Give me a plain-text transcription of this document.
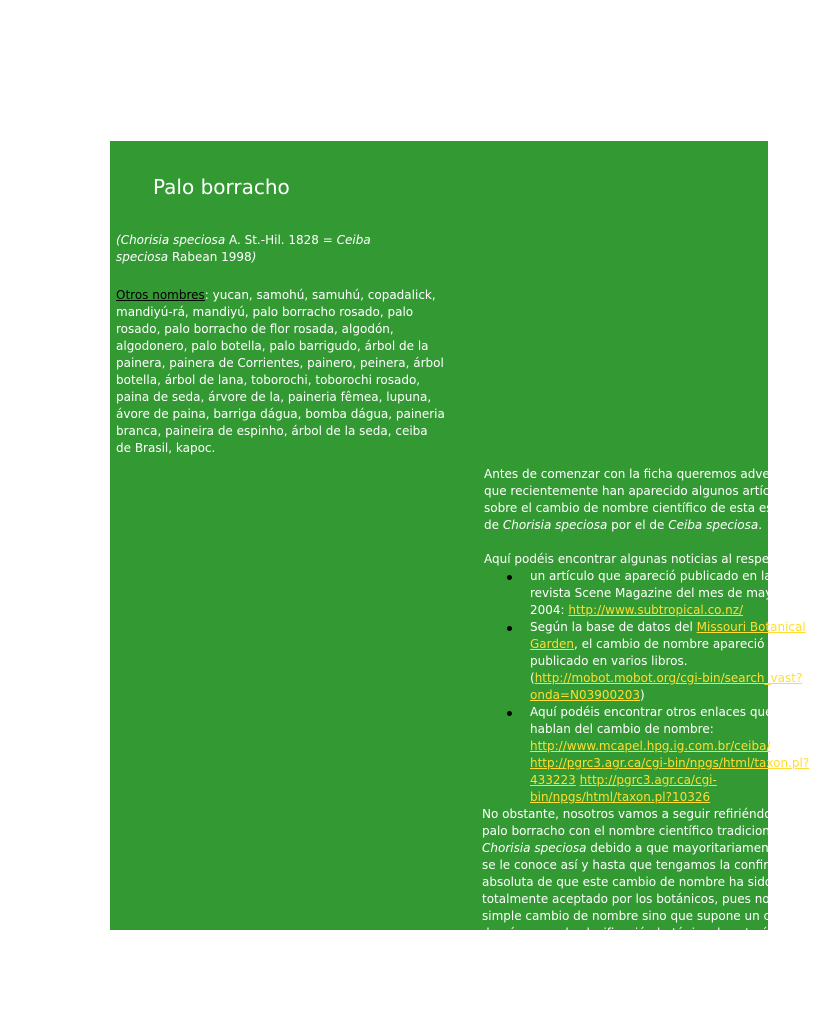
Palo borracho
(Chorisia speciosa A. St.-Hil. 1828 = Ceiba speciosa Rabean 1998)
Otros nombres: yucan, samohú, samuhú, copadalick, mandiyú-rá, mandiyú, palo borracho rosado, palo rosado, palo borracho de flor rosada, algodón, algodonero, palo botella, palo barrigudo, árbol de la painera, painera de Corrientes, painero, peinera, árbol botella, árbol de lana, toborochi, toborochi rosado, paina de seda, árvore de la, paineria fêmea, lupuna, ávore de paina, barriga dágua, bomba dágua, paineria branca, paineira de espinho, árbol de la seda, ceiba de Brasil, kapoc.

Antes de comenzar con la ficha queremos advertir que recientemente han aparecido algunos artículos sobre el cambio de nombre científico de esta especie, de Chorisia speciosa por el de Ceiba speciosa.

Aquí podéis encontrar algunas noticias al respecto:

un artículo que apareció publicado en la revista Scene Magazine del mes de mayo de 2004: http://www.subtropical.co.nz/
Según la base de datos del Missouri Botanical Garden, el cambio de nombre apareció publicado en varios libros. (http://mobot.mobot.org/cgi-bin/search_vast?onda=N03900203)
Aquí podéis encontrar otros enlaces que hablan del cambio de nombre: http://www.mcapel.hpg.ig.com.br/ceiba/ http://pgrc3.agr.ca/cgi-bin/npgs/html/taxon.pl?433223 http://pgrc3.agr.ca/cgi-bin/npgs/html/taxon.pl?10326

No obstante, nosotros vamos a seguir refiriéndonos al palo borracho con el nombre científico tradicional de Chorisia speciosa debido a que mayoritariamente aún se le conoce así y hasta que tengamos la confirmación absoluta de que este cambio de nombre ha sido totalmente aceptado por los botánicos, pues no es un simple cambio de nombre sino que supone un cambio de género en la clasificación botánica de este árbol y no queremos contribuir a posibles confusiones.
